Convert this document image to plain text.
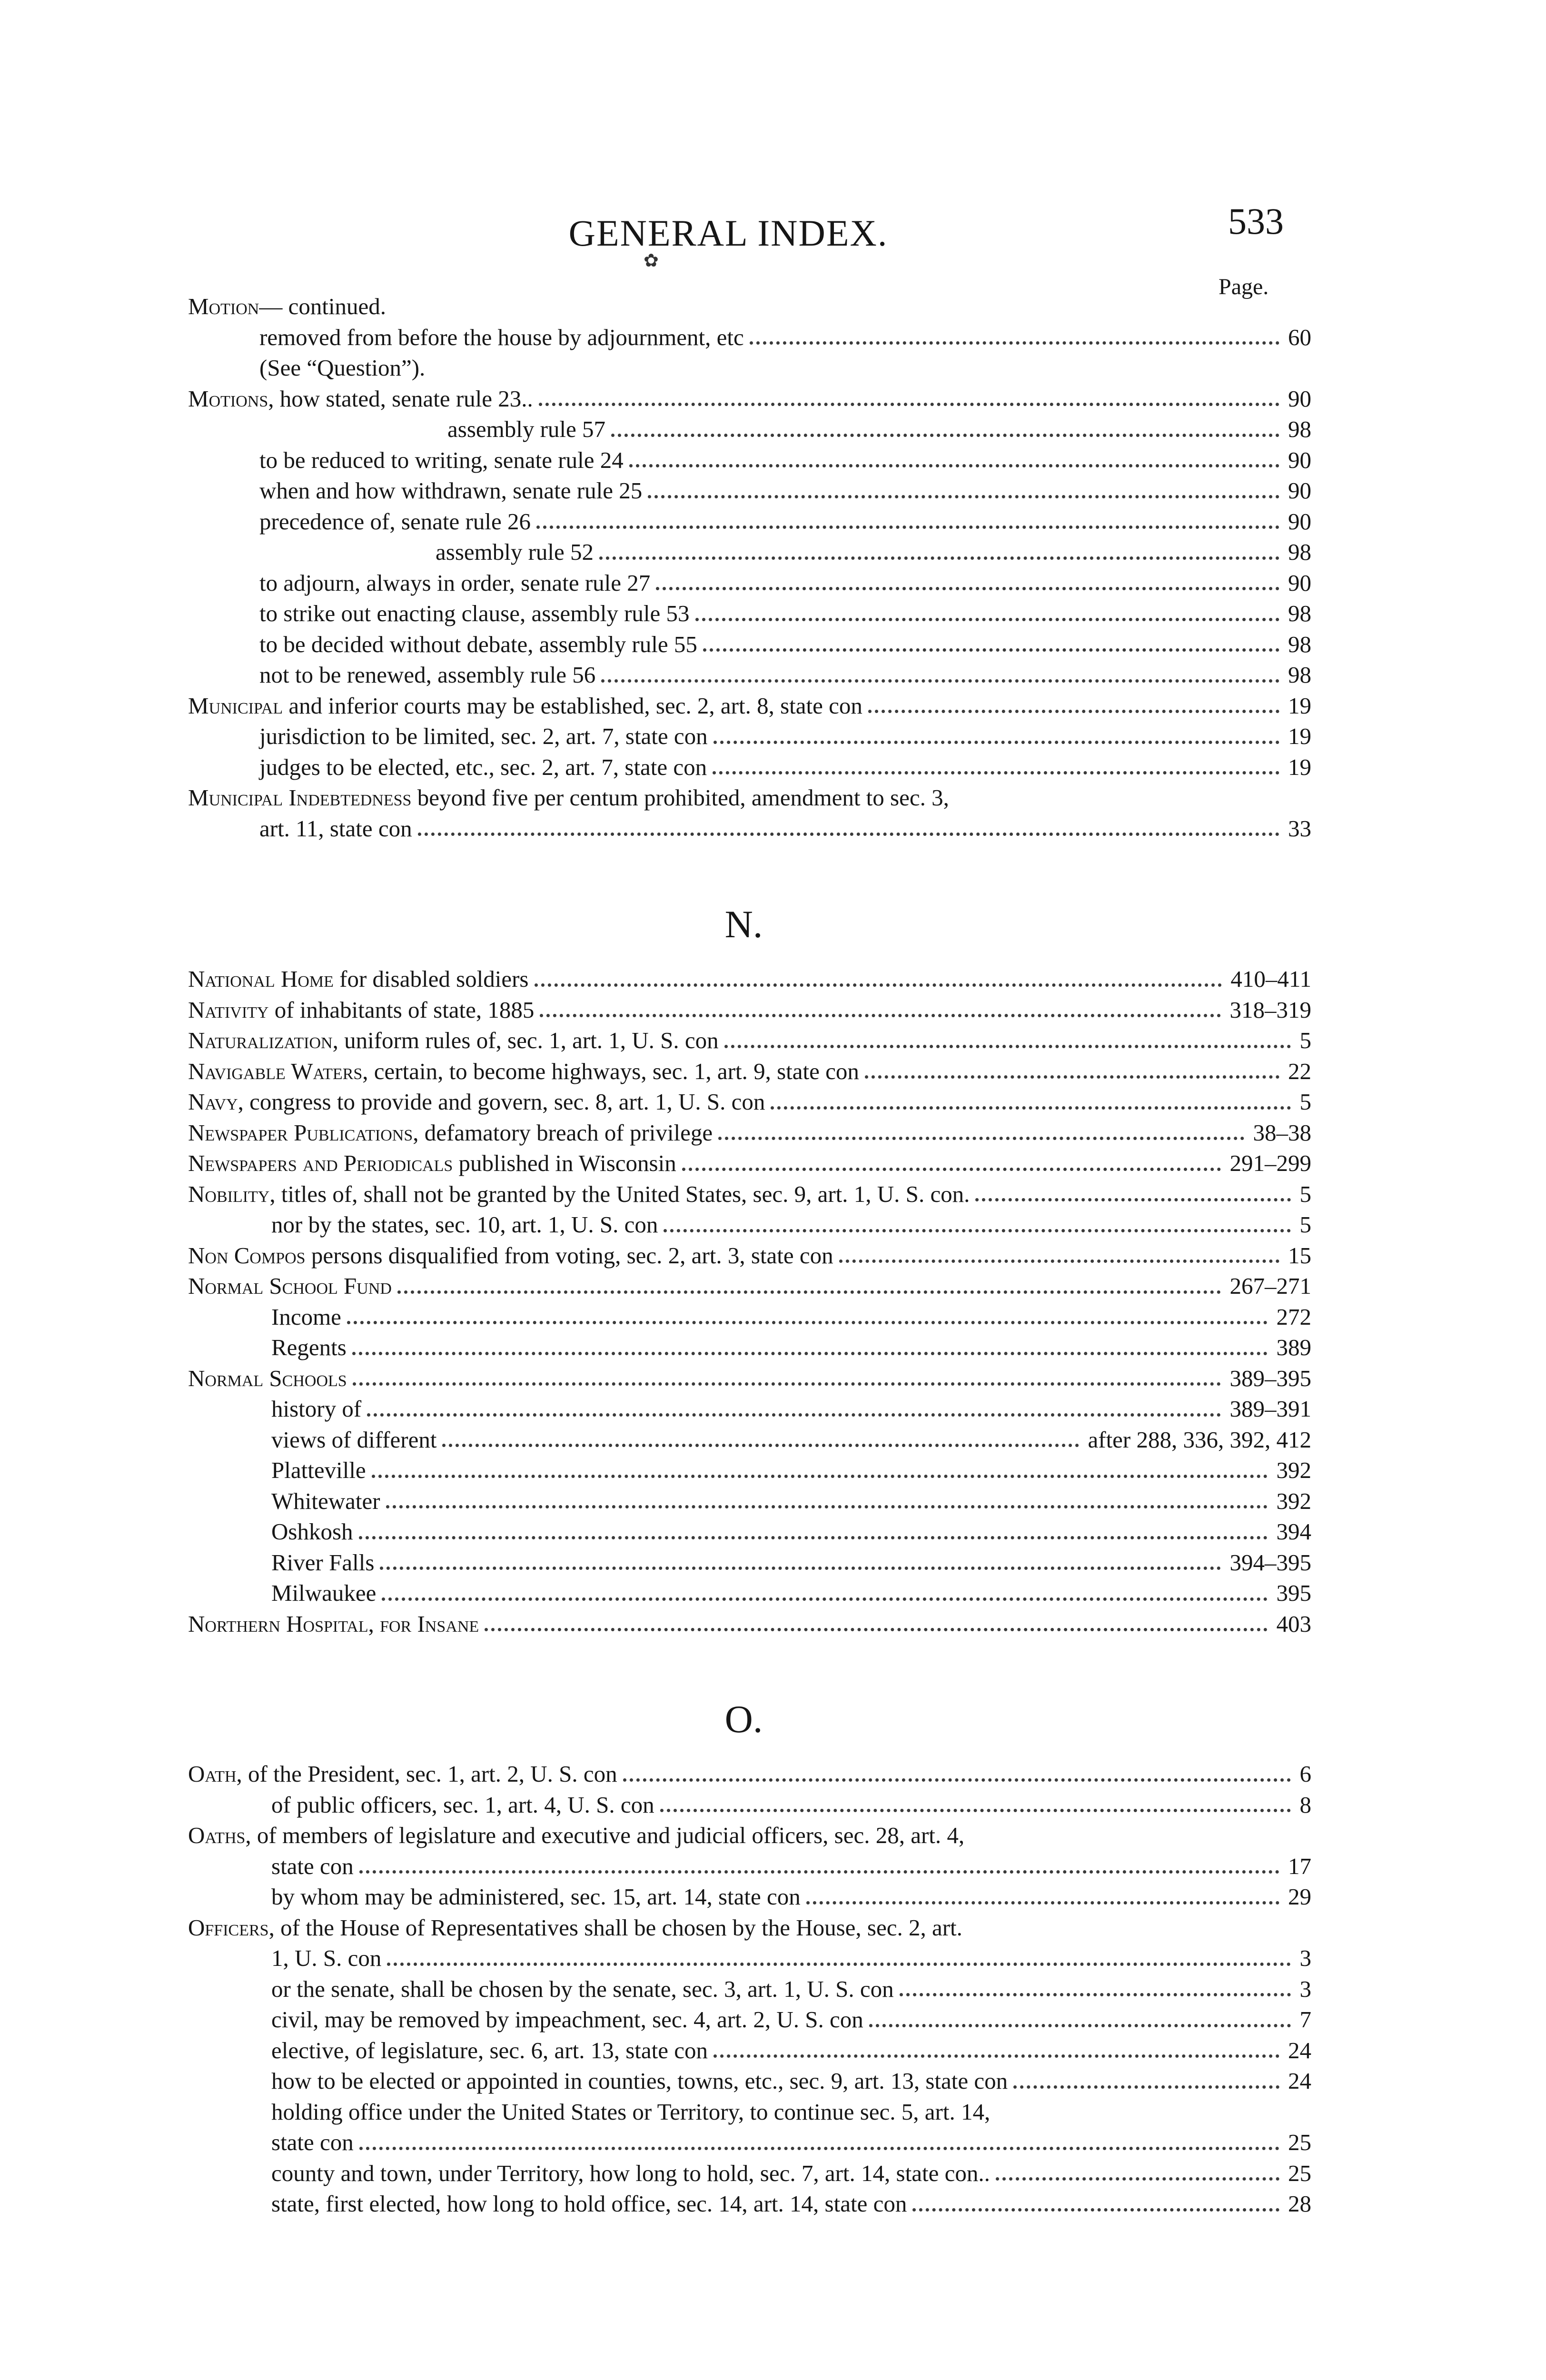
GENERAL INDEX.	533
✿
Page.
Motion— continued.
removed from before the house by adjournment, etc	60
(See “Question”).
Motions, how stated, senate rule 23..	90
assembly rule 57	98
to be reduced to writing, senate rule 24	90
when and how withdrawn, senate rule 25	90
precedence of, senate rule 26	90
assembly rule 52	98
to adjourn, always in order, senate rule 27	90
to strike out enacting clause, assembly rule 53	98
to be decided without debate, assembly rule 55	98
not to be renewed, assembly rule 56	98
Municipal and inferior courts may be established, sec. 2, art. 8, state con	19
jurisdiction to be limited, sec. 2, art. 7, state con	19
judges to be elected, etc., sec. 2, art. 7, state con	19
Municipal Indebtedness beyond five per centum prohibited, amendment to sec. 3,
art. 11, state con	33
N.
National Home for disabled soldiers	410–411
Nativity of inhabitants of state, 1885	318–319
Naturalization, uniform rules of, sec. 1, art. 1, U. S. con	5
Navigable Waters, certain, to become highways, sec. 1, art. 9, state con	22
Navy, congress to provide and govern, sec. 8, art. 1, U. S. con	5
Newspaper Publications, defamatory breach of privilege	38–38
Newspapers and Periodicals published in Wisconsin	291–299
Nobility, titles of, shall not be granted by the United States, sec. 9, art. 1, U. S. con.	5
nor by the states, sec. 10, art. 1, U. S. con	5
Non Compos persons disqualified from voting, sec. 2, art. 3, state con	15
Normal School Fund	267–271
Income	272
Regents	389
Normal Schools	389–395
history of	389–391
views of different	after 288, 336, 392, 412
Platteville	392
Whitewater	392
Oshkosh	394
River Falls	394–395
Milwaukee	395
Northern Hospital, for Insane	403
O.
Oath, of the President, sec. 1, art. 2, U. S. con	6
of public officers, sec. 1, art. 4, U. S. con	8
Oaths, of members of legislature and executive and judicial officers, sec. 28, art. 4,
state con	17
by whom may be administered, sec. 15, art. 14, state con	29
Officers, of the House of Representatives shall be chosen by the House, sec. 2, art.
1, U. S. con	3
or the senate, shall be chosen by the senate, sec. 3, art. 1, U. S. con	3
civil, may be removed by impeachment, sec. 4, art. 2, U. S. con	7
elective, of legislature, sec. 6, art. 13, state con	24
how to be elected or appointed in counties, towns, etc., sec. 9, art. 13, state con	24
holding office under the United States or Territory, to continue sec. 5, art. 14,
state con	25
county and town, under Territory, how long to hold, sec. 7, art. 14, state con..	25
state, first elected, how long to hold office, sec. 14, art. 14, state con	28
